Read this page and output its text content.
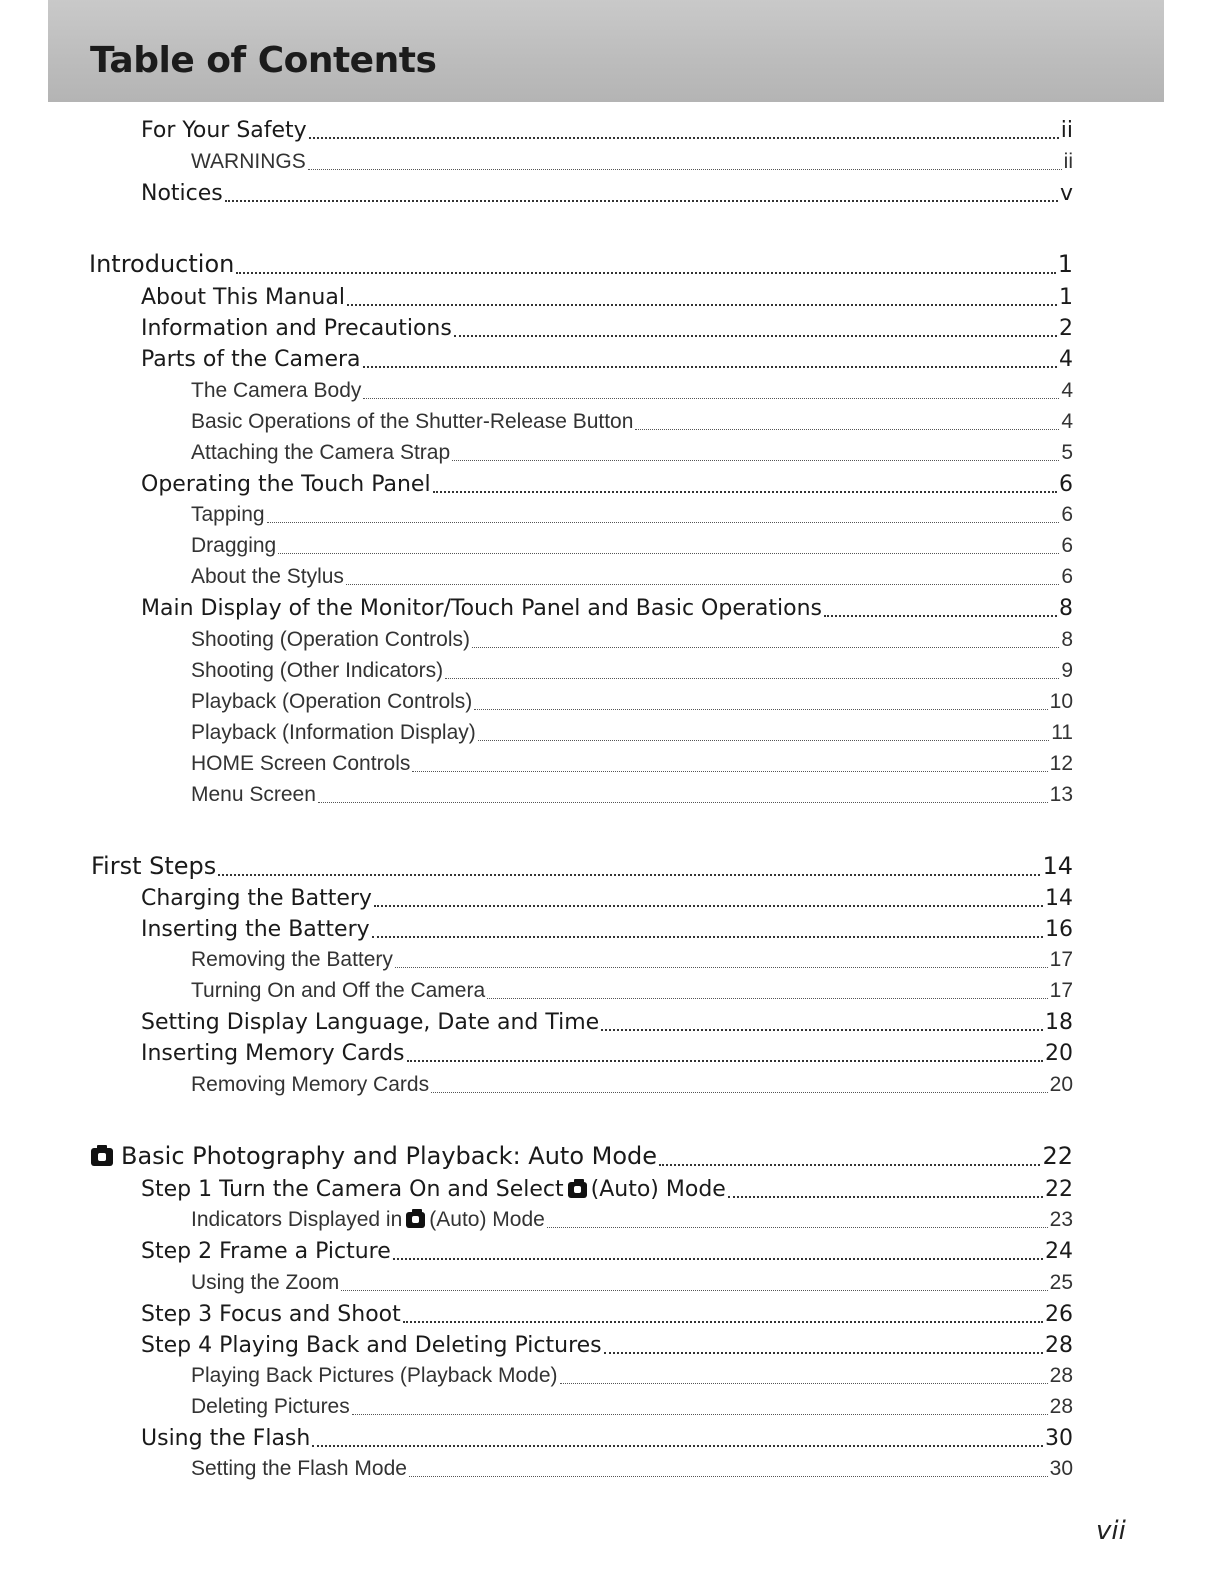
Table of Contents
For Your Safety	ii
WARNINGS	ii
Notices	v
Introduction	1
About This Manual	1
Information and Precautions	2
Parts of the Camera	4
The Camera Body	4
Basic Operations of the Shutter-Release Button	4
Attaching the Camera Strap	5
Operating the Touch Panel	6
Tapping	6
Dragging	6
About the Stylus	6
Main Display of the Monitor/Touch Panel and Basic Operations	8
Shooting (Operation Controls)	8
Shooting (Other Indicators)	9
Playback (Operation Controls)	10
Playback (Information Display)	11
HOME Screen Controls	12
Menu Screen	13
First Steps	14
Charging the Battery	14
Inserting the Battery	16
Removing the Battery	17
Turning On and Off the Camera	17
Setting Display Language, Date and Time	18
Inserting Memory Cards	20
Removing Memory Cards	20
Basic Photography and Playback: Auto Mode	22
Step 1 Turn the Camera On and Select (Auto) Mode	22
Indicators Displayed in (Auto) Mode	23
Step 2 Frame a Picture	24
Using the Zoom	25
Step 3 Focus and Shoot	26
Step 4 Playing Back and Deleting Pictures	28
Playing Back Pictures (Playback Mode)	28
Deleting Pictures	28
Using the Flash	30
Setting the Flash Mode	30
vii
